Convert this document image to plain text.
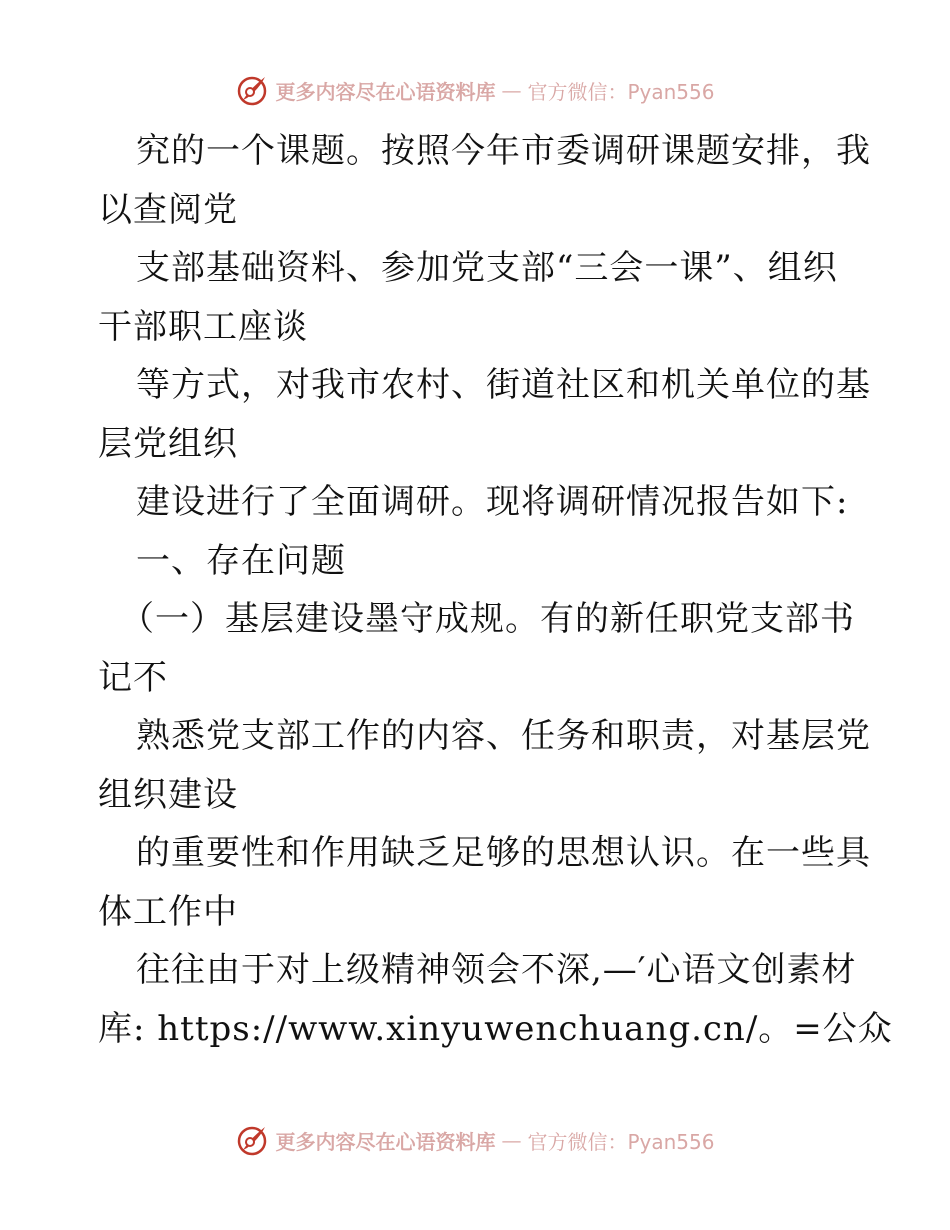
更多内容尽在心语资料库 — 官方微信：Pyan556
究的一个课题。按照今年市委调研课题安排，我
以查阅党
支部基础资料、参加党支部“三会一课”、组织
干部职工座谈
等方式，对我市农村、街道社区和机关单位的基
层党组织
建设进行了全面调研。现将调研情况报告如下:
一、存在问题
（一）基层建设墨守成规。有的新任职党支部书
记不
熟悉党支部工作的内容、任务和职责，对基层党
组织建设
的重要性和作用缺乏足够的思想认识。在一些具
体工作中
往往由于对上级精神领会不深,—′心语文创素材
库: https://www.xinyuwenchuang.cn/。=公众
更多内容尽在心语资料库 — 官方微信：Pyan556
